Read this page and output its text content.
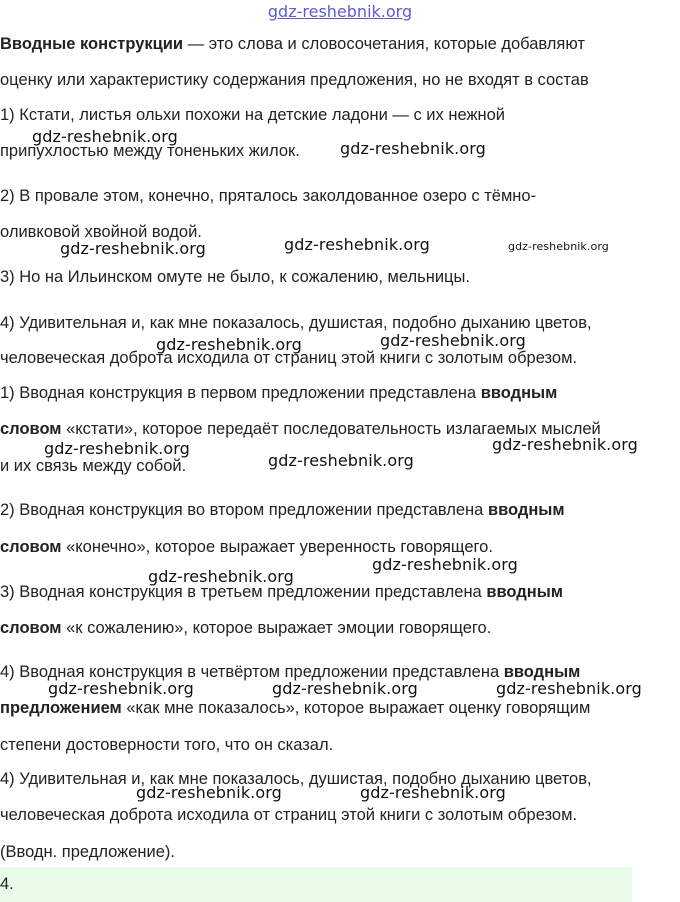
gdz-reshebnik.org
Вводные конструкции — это слова и словосочетания, которые добавляют
оценку или характеристику содержания предложения, но не входят в состав
1) Кстати, листья ольхи похожи на детские ладони — с их нежной
припухлостью между тоненьких жилок.
2) В провале этом, конечно, пряталось заколдованное озеро с тёмно-
оливковой хвойной водой.
3) Но на Ильинском омуте не было, к сожалению, мельницы.
4) Удивительная и, как мне показалось, душистая, подобно дыханию цветов,
человеческая доброта исходила от страниц этой книги с золотым обрезом.
1) Вводная конструкция в первом предложении представлена вводным
словом «кстати», которое передаёт последовательность излагаемых мыслей
и их связь между собой.
2) Вводная конструкция во втором предложении представлена вводным
словом «конечно», которое выражает уверенность говорящего.
3) Вводная конструкция в третьем предложении представлена вводным
словом «к сожалению», которое выражает эмоции говорящего.
4) Вводная конструкция в четвёртом предложении представлена вводным
предложением «как мне показалось», которое выражает оценку говорящим
степени достоверности того, что он сказал.
4) Удивительная и, как мне показалось, душистая, подобно дыханию цветов,
человеческая доброта исходила от страниц этой книги с золотым обрезом.
(Вводн. предложение).
4.
gdz-reshebnik.org
gdz-reshebnik.org
gdz-reshebnik.org	gdz-reshebnik.org	gdz-reshebnik.org
gdz-reshebnik.org	gdz-reshebnik.org
gdz-reshebnik.org	gdz-reshebnik.org
gdz-reshebnik.org
gdz-reshebnik.org
gdz-reshebnik.org
gdz-reshebnik.org	gdz-reshebnik.org	gdz-reshebnik.org
gdz-reshebnik.org	gdz-reshebnik.org
